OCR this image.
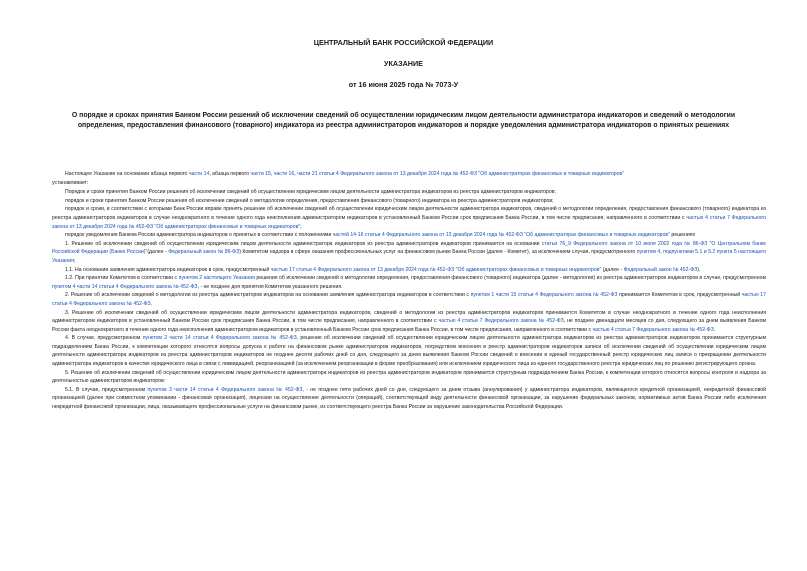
ЦЕНТРАЛЬНЫЙ БАНК РОССИЙСКОЙ ФЕДЕРАЦИИ
УКАЗАНИЕ
от 16 июня 2025 года № 7073-У
О порядке и сроках принятия Банком России решений об исключении сведений об осуществлении юридическим лицом деятельности администратора индикаторов и сведений о методологии определения, предоставления финансового (товарного) индикатора из реестра администраторов индикаторов и порядке уведомления администратора индикаторов о принятых решениях

Настоящее Указание на основании абзаца первого части 14, абзаца первого части 15, части 16, части 21 статьи 4 Федерального закона от 13 декабря 2024 года № 452-ФЗ "Об администраторах финансовых и товарных индикаторов"

устанавливает:

Порядок и сроки принятия Банком России решения об исключении сведений об осуществлении юридическим лицом деятельности администратора индикаторов из реестра администраторов индикаторов;

порядок и сроки принятия Банком России решения об исключении сведений о методологии определения, предоставления финансового (товарного) индикатора из реестра администраторов индикаторов;

порядок и сроки, в соответствии с которыми Банк России вправе принять решение об исключении сведений об осуществлении юридическим лицом деятельности администратора индикаторов, сведений о методологии определения, предоставления финансового (товарного) индикатора из реестра администраторов индикаторов в случае неоднократного в течение одного года неисполнения администратором индикаторов в установленный Банком России срок предписания Банка России, в том числе предписания, направленного в соответствии с частью 4 статьи 7 Федерального закона от 13 декабря 2024 года № 452-ФЗ "Об администраторах финансовых и товарных индикаторов";

порядок уведомления Банком России администратора индикаторов о принятых в соответствии с положениями частей 14-16 статьи 4 Федерального закона от 13 декабря 2024 года № 452-ФЗ "Об администраторах финансовых и товарных индикаторов" решениях

1. Решение об исключении сведений об осуществлении юридическим лицом деятельности администратора индикаторов из реестра администраторов индикаторов принимается на основании статьи 76_9 Федерального закона от 10 июля 2002 года № 86-ФЗ "О Центральном банке Российской Федерации (Банке России)"(далее - Федеральный закон № 86-ФЗ) Комитетом надзора в сфере оказания профессиональных услуг на финансовом рынке Банка России (далее - Комитет), за исключением случая, предусмотренного пунктом 4, подпунктами 5.1 и 5.2 пункта 5 настоящего Указания;

1.1. На основании заявления администратора индикаторов в срок, предусмотренный частью 17 статьи 4 Федерального закона от 13 декабря 2024 года № 452-ФЗ "Об администраторах финансовых и товарных индикаторов" (далее - Федеральный закон № 452-ФЗ).

1.2. При принятии Комитетом в соответствии с пунктом 2 настоящего Указания решения об исключении сведений о методологии определения, предоставления финансового (товарного) индикатора (далее - методология) из реестра администраторов индикаторов в случае, предусмотренном пунктом 4 части 14 статьи 4 Федерального закона № 452-ФЗ, - не позднее дня принятия Комитетом указанного решения.

2. Решение об исключении сведений о методологии из реестра администраторов индикаторов на основании заявления администратора индикаторов в соответствии с пунктом 1 части 15 статьи 4 Федерального закона № 452-ФЗ принимается Комитетом в срок, предусмотренный частью 17 статьи 4 Федерального закона № 452-ФЗ.

3. Решение об исключении сведений об осуществлении юридическим лицом деятельности администратора индикаторов, сведений о методологии из реестра администраторов индикаторов принимается Комитетом в случае неоднократного в течение одного года неисполнения администратором индикаторов в установленный Банком России срок предписания Банка России, в том числе предписания, направленного в соответствии с частью 4 статьи 7 Федерального закона № 452-ФЗ, не позднее двенадцати месяцев со дня, следующего за днем выявления Банком России факта неоднократного в течение одного года неисполнения администратором индикаторов в установленный Банком России срок предписания Банка России, в том числе предписания, направленного в соответствии с частью 4 статьи 7 Федерального закона № 452-ФЗ.

4. В случае, предусмотренном пунктом 2 части 14 статьи 4 Федерального закона № 452-ФЗ, решение об исключении сведений об осуществлении юридическим лицом деятельности администратора индикаторов из реестра администраторов индикаторов принимается структурным подразделением Банка России, к компетенции которого относятся вопросы допуска к работе на финансовом рынке администраторов индикаторов, посредством внесения в реестр администраторов индикаторов записи об исключении сведений об осуществлении юридическим лицом деятельности администратора индикаторов из реестра администраторов индикаторов не позднее десяти рабочих дней со дня, следующего за днем выявления Банком России сведений о внесении в единый государственный реестр юридических лиц записи о прекращении деятельности администратора индикаторов в качестве юридического лица в связи с ликвидацией, реорганизацией (за исключением реорганизации в форме преобразования) или исключением юридического лица из единого государственного реестра юридических лиц по решению регистрирующего органа.

5. Решение об исключении сведений об осуществлении юридическим лицом деятельности администратора индикаторов из реестра администраторов индикаторов принимается структурным подразделением Банка России, к компетенции которого относятся вопросы контроля и надзора за деятельностью администраторов индикаторов:

5.1. В случае, предусмотренном пунктом 3 части 14 статьи 4 Федерального закона № 452-ФЗ, - не позднее пяти рабочих дней со дня, следующего за днем отзыва (аннулирования) у администратора индикаторов, являющегося кредитной организацией, некредитной финансовой организацией (далее при совместном упоминании - финансовая организация), лицензии на осуществление деятельности (операций), соответствующей виду деятельности финансовой организации, за нарушение федеральных законов, нормативных актов Банка России либо исключения некредитной финансовой организации, лица, оказывающего профессиональные услуги на финансовом рынке, из соответствующего реестра Банка России за нарушение законодательства Российской Федерации.
